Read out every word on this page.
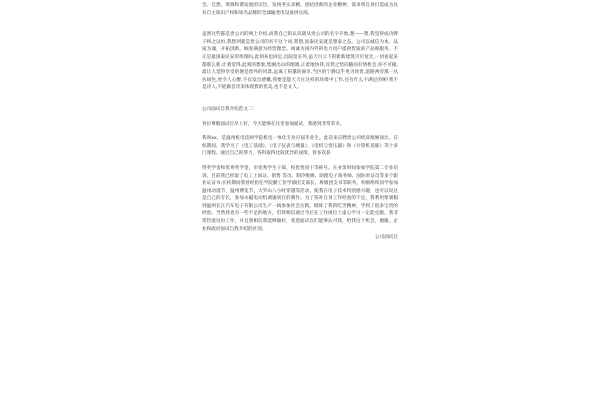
会、自然、资源和谐发展的宗旨，发扬务实求精、团结创新的企业精神，谋求将自身打造成为具有自主知识产权和知名品牌的全球输变电设备供应商。

虽然这些都是贵公司的网上介绍,而我自己的认识就从贵公司的名字开始,想——想,我觉得成功牌子终之以恒,我想到就是贵公司的名字这个词,我想,国泰民安就是想泰之态。公司以诚信为本，品质为魂，开拓创新，顾客满意为经营理念。竭诚为国内外的电力用户提供优质的产品和服务。不正是最国泰民安的体现吗,此刻来也回足,出院留长外,虽天白云下的新新建筑贝贝宽光,一切看起来都那么新,让我觉得,此刻的想象,集刚出山的理调,正着地快我,淬然之势向随而有情机会,你不可撞,最让人觉得享受的便是留外的风景,远离了喧嚣的闹市,当区的宁静以乎更为珍贵,道路两旁那一丛丛绿色,更令人心醉,不仅发出感慨,我要是能天天在这样的环境中工作,还有什么不满足的呢!我不是诗人,不能做首诗来体现我的优美,也不是文人。

公司面试自我介绍范文二：

各位尊敬面试官早上好，今天能够在这里参加面试，我感到非常荣幸。

我叫xx，是温州机电技师学院机电一体化专业应届毕业生。此次来应聘贵公司机床维修岗位。在校期间，我学习了《电工基础》、《电子仪表与测量》、《电机与变压器》和《计算机基础》等十多门课程。通过自己的努力，各科取得比较优异的成绩，曾多次获

得奖学金和优秀奖学金，市优秀学生干部，校优秀团干等称号。在业余时间参加学院第二专业培训，目前我已经取了电工上岗证、销售 等员、制冷维修、助理电子商务师、国际单证员等多个职业证证书;在校期间我曾经担任学院勤工俭学部团支部长、班级团支书等职务，积极组织同学参加温州动漫节，温州博览节，大罗山八小时穿越等活动，使我在电子技术特别感兴趣，也可以说这是自己的专长，参加永磁电动机调速项目的制作。为了弥补自身工作经验的不足，我利用寒暑假到温州长江汽车电子有限公司生产一线参加社会实践，锻炼了我的吃苦精神，学到了很多宝贵的经验。当然我也有一些不足的地方，但我相信通过今后在工作岗位上虚心学习一定能克服。我非常热爱这份工作，并且我相信我能够做好，希望面试官们能够认可我，给我这个机会，谢谢。企业和政府面试自我介绍的区别。

公司面试自
